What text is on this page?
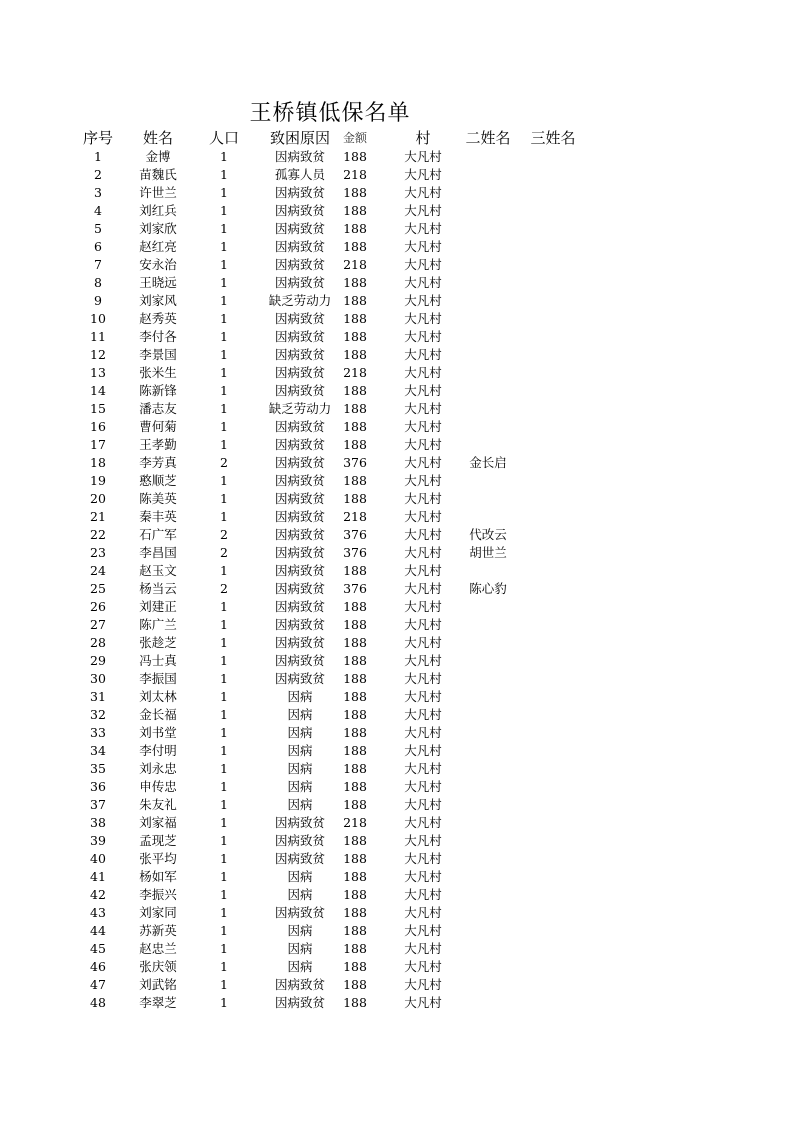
王桥镇低保名单
序号	姓名	人口	致困原因	金额	村	二姓名	三姓名
1	金博	1	因病致贫	188	大凡村
2	苗魏氏	1	孤寡人员	218	大凡村
3	许世兰	1	因病致贫	188	大凡村
4	刘红兵	1	因病致贫	188	大凡村
5	刘家欣	1	因病致贫	188	大凡村
6	赵红亮	1	因病致贫	188	大凡村
7	安永治	1	因病致贫	218	大凡村
8	王晓远	1	因病致贫	188	大凡村
9	刘家风	1	缺乏劳动力 188	大凡村
10	赵秀英	1	因病致贫	188	大凡村
11	李付各	1	因病致贫	188	大凡村
12	李景国	1	因病致贫	188	大凡村
13	张米生	1	因病致贫	218	大凡村
14	陈新锋	1	因病致贫	188	大凡村
15	潘志友	1	缺乏劳动力 188	大凡村
16	曹何菊	1	因病致贫	188	大凡村
17	王孝勤	1	因病致贫	188	大凡村
18	李芳真	2	因病致贫	376	大凡村	金长启
19	憨顺芝	1	因病致贫	188	大凡村
20	陈美英	1	因病致贫	188	大凡村
21	秦丰英	1	因病致贫	218	大凡村
22	石广军	2	因病致贫	376	大凡村	代改云
23	李昌国	2	因病致贫	376	大凡村	胡世兰
24	赵玉文	1	因病致贫	188	大凡村
25	杨当云	2	因病致贫	376	大凡村	陈心豹
26	刘建正	1	因病致贫	188	大凡村
27	陈广兰	1	因病致贫	188	大凡村
28	张趁芝	1	因病致贫	188	大凡村
29	冯士真	1	因病致贫	188	大凡村
30	李振国	1	因病致贫	188	大凡村
31	刘太林	1	因病	188	大凡村
32	金长福	1	因病	188	大凡村
33	刘书堂	1	因病	188	大凡村
34	李付明	1	因病	188	大凡村
35	刘永忠	1	因病	188	大凡村
36	申传忠	1	因病	188	大凡村
37	朱友礼	1	因病	188	大凡村
38	刘家福	1	因病致贫	218	大凡村
39	孟现芝	1	因病致贫	188	大凡村
40	张平均	1	因病致贫	188	大凡村
41	杨如军	1	因病	188	大凡村
42	李振兴	1	因病	188	大凡村
43	刘家同	1	因病致贫	188	大凡村
44	苏新英	1	因病	188	大凡村
45	赵忠兰	1	因病	188	大凡村
46	张庆领	1	因病	188	大凡村
47	刘武铭	1	因病致贫	188	大凡村
48	李翠芝	1	因病致贫	188	大凡村
